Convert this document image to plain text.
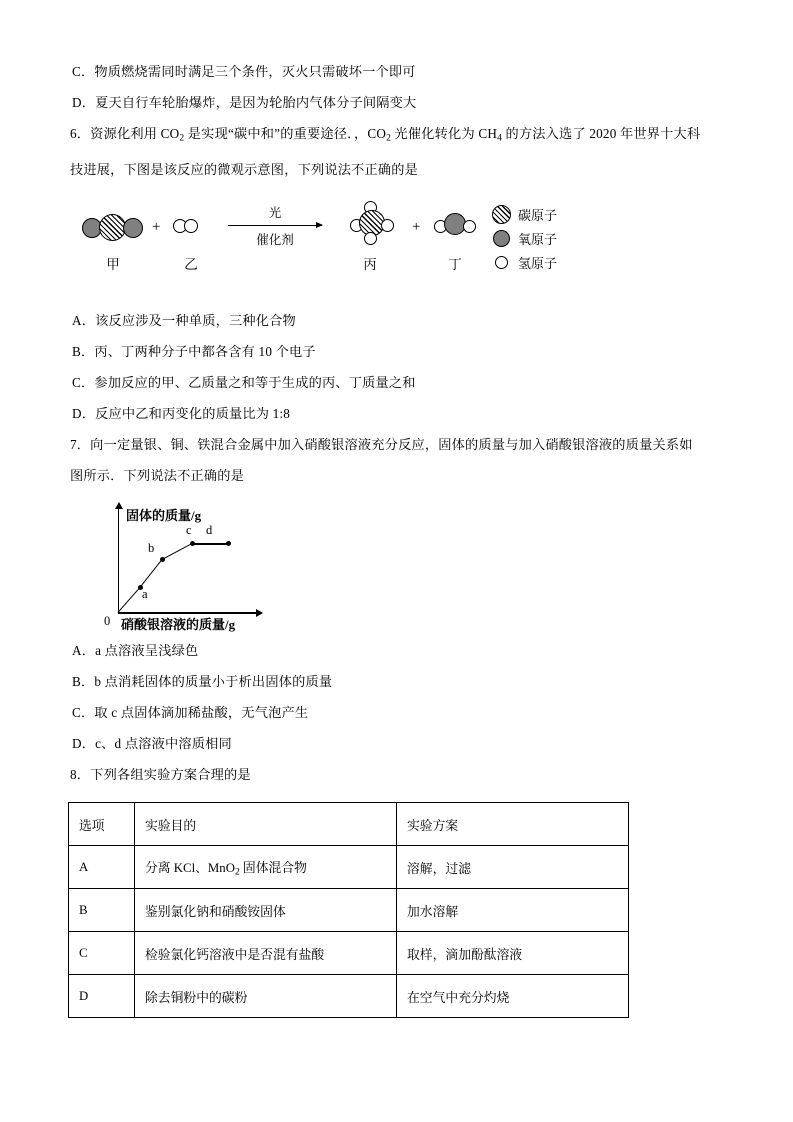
C．物质燃烧需同时满足三个条件，灭火只需破坏一个即可

D．夏天自行车轮胎爆炸，是因为轮胎内气体分子间隔变大

6．资源化利用 $CO_2$ 是实现“碳中和”的重要途径．，$CO_2$ 光催化转化为 $CH_4$ 的方法入选了 2020 年世界十大科

技进展，下图是该反应的微观示意图，下列说法不正确的是

甲
+
乙
光
催化剂
丙
+
丁
碳原子
氧原子
氢原子

A．该反应涉及一种单质，三种化合物

B．丙、丁两种分子中都各含有 10 个电子

C．参加反应的甲、乙质量之和等于生成的丙、丁质量之和

D．反应中乙和丙变化的质量比为 1:8

7．向一定量银、铜、铁混合金属中加入硝酸银溶液充分反应，固体的质量与加入硝酸银溶液的质量关系如

图所示．下列说法不正确的是

固体的质量/g
0 硝酸银溶液的质量/g
a
b
c d

A．a 点溶液呈浅绿色

B．b 点消耗固体的质量小于析出固体的质量

C．取 c 点固体滴加稀盐酸，无气泡产生

D．c、d 点溶液中溶质相同

8．下列各组实验方案合理的是

选项	实验目的	实验方案
A	分离 KCl、MnO$_2$ 固体混合物	溶解，过滤
B	鉴别氯化钠和硝酸铵固体	加水溶解
C	检验氯化钙溶液中是否混有盐酸	取样，滴加酚酞溶液
D	除去铜粉中的碳粉	在空气中充分灼烧
